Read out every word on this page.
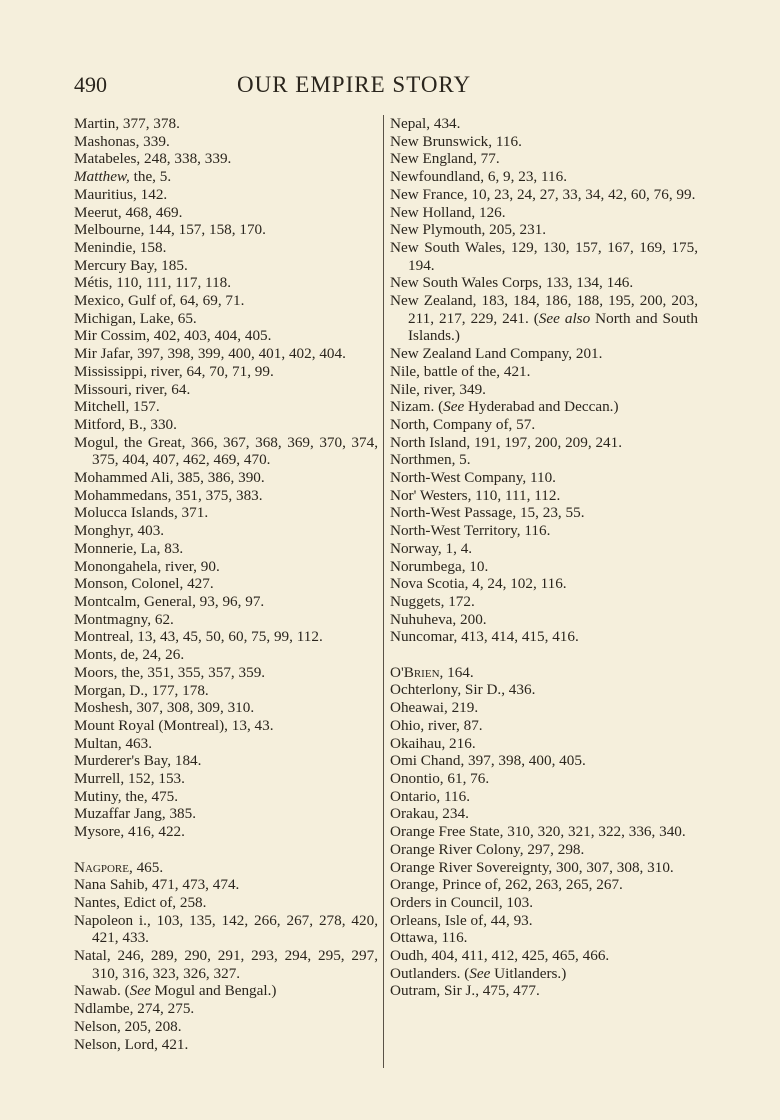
490	OUR EMPIRE STORY
Martin, 377, 378.
Mashonas, 339.
Matabeles, 248, 338, 339.
Matthew, the, 5.
Mauritius, 142.
Meerut, 468, 469.
Melbourne, 144, 157, 158, 170.
Menindie, 158.
Mercury Bay, 185.
Métis, 110, 111, 117, 118.
Mexico, Gulf of, 64, 69, 71.
Michigan, Lake, 65.
Mir Cossim, 402, 403, 404, 405.
Mir Jafar, 397, 398, 399, 400, 401, 402, 404.
Mississippi, river, 64, 70, 71, 99.
Missouri, river, 64.
Mitchell, 157.
Mitford, B., 330.
Mogul, the Great, 366, 367, 368, 369, 370, 374, 375, 404, 407, 462, 469, 470.
Mohammed Ali, 385, 386, 390.
Mohammedans, 351, 375, 383.
Molucca Islands, 371.
Monghyr, 403.
Monnerie, La, 83.
Monongahela, river, 90.
Monson, Colonel, 427.
Montcalm, General, 93, 96, 97.
Montmagny, 62.
Montreal, 13, 43, 45, 50, 60, 75, 99, 112.
Monts, de, 24, 26.
Moors, the, 351, 355, 357, 359.
Morgan, D., 177, 178.
Moshesh, 307, 308, 309, 310.
Mount Royal (Montreal), 13, 43.
Multan, 463.
Murderer's Bay, 184.
Murrell, 152, 153.
Mutiny, the, 475.
Muzaffar Jang, 385.
Mysore, 416, 422.
Nagpore, 465.
Nana Sahib, 471, 473, 474.
Nantes, Edict of, 258.
Napoleon i., 103, 135, 142, 266, 267, 278, 420, 421, 433.
Natal, 246, 289, 290, 291, 293, 294, 295, 297, 310, 316, 323, 326, 327.
Nawab. (See Mogul and Bengal.)
Ndlambe, 274, 275.
Nelson, 205, 208.
Nelson, Lord, 421.
Nepal, 434.
New Brunswick, 116.
New England, 77.
Newfoundland, 6, 9, 23, 116.
New France, 10, 23, 24, 27, 33, 34, 42, 60, 76, 99.
New Holland, 126.
New Plymouth, 205, 231.
New South Wales, 129, 130, 157, 167, 169, 175, 194.
New South Wales Corps, 133, 134, 146.
New Zealand, 183, 184, 186, 188, 195, 200, 203, 211, 217, 229, 241. (See also North and South Islands.)
New Zealand Land Company, 201.
Nile, battle of the, 421.
Nile, river, 349.
Nizam. (See Hyderabad and Deccan.)
North, Company of, 57.
North Island, 191, 197, 200, 209, 241.
Northmen, 5.
North-West Company, 110.
Nor' Westers, 110, 111, 112.
North-West Passage, 15, 23, 55.
North-West Territory, 116.
Norway, 1, 4.
Norumbega, 10.
Nova Scotia, 4, 24, 102, 116.
Nuggets, 172.
Nuhuheva, 200.
Nuncomar, 413, 414, 415, 416.
O'Brien, 164.
Ochterlony, Sir D., 436.
Oheawai, 219.
Ohio, river, 87.
Okaihau, 216.
Omi Chand, 397, 398, 400, 405.
Onontio, 61, 76.
Ontario, 116.
Orakau, 234.
Orange Free State, 310, 320, 321, 322, 336, 340.
Orange River Colony, 297, 298.
Orange River Sovereignty, 300, 307, 308, 310.
Orange, Prince of, 262, 263, 265, 267.
Orders in Council, 103.
Orleans, Isle of, 44, 93.
Ottawa, 116.
Oudh, 404, 411, 412, 425, 465, 466.
Outlanders. (See Uitlanders.)
Outram, Sir J., 475, 477.
